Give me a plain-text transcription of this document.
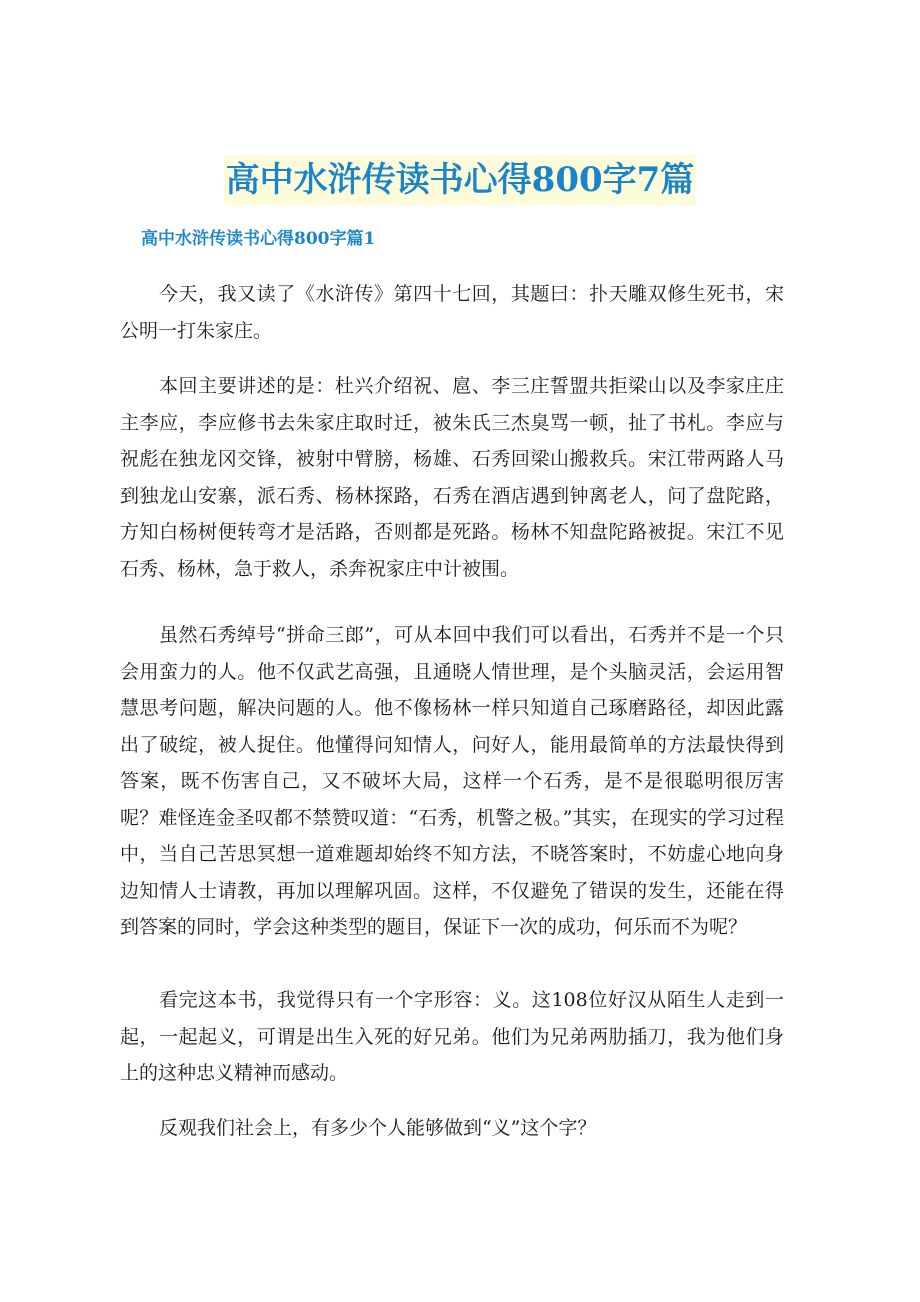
高中水浒传读书心得800字7篇
高中水浒传读书心得800字篇1

今天，我又读了《水浒传》第四十七回，其题曰：扑天雕双修生死书，宋公明一打朱家庄。

本回主要讲述的是：杜兴介绍祝、扈、李三庄誓盟共拒梁山以及李家庄庄主李应，李应修书去朱家庄取时迁，被朱氏三杰臭骂一顿，扯了书札。李应与祝彪在独龙冈交锋，被射中臂膀，杨雄、石秀回梁山搬救兵。宋江带两路人马到独龙山安寨，派石秀、杨林探路，石秀在酒店遇到钟离老人，问了盘陀路，方知白杨树便转弯才是活路，否则都是死路。杨林不知盘陀路被捉。宋江不见石秀、杨林，急于救人，杀奔祝家庄中计被围。

虽然石秀绰号“拼命三郎”，可从本回中我们可以看出，石秀并不是一个只会用蛮力的人。他不仅武艺高强，且通晓人情世理，是个头脑灵活，会运用智慧思考问题，解决问题的人。他不像杨林一样只知道自己琢磨路径，却因此露出了破绽，被人捉住。他懂得问知情人，问好人，能用最简单的方法最快得到答案，既不伤害自己，又不破坏大局，这样一个石秀，是不是很聪明很厉害呢？难怪连金圣叹都不禁赞叹道：“石秀，机警之极。”其实，在现实的学习过程中，当自己苦思冥想一道难题却始终不知方法，不晓答案时，不妨虚心地向身边知情人士请教，再加以理解巩固。这样，不仅避免了错误的发生，还能在得到答案的同时，学会这种类型的题目，保证下一次的成功，何乐而不为呢？

看完这本书，我觉得只有一个字形容：义。这108位好汉从陌生人走到一起，一起起义，可谓是出生入死的好兄弟。他们为兄弟两肋插刀，我为他们身上的这种忠义精神而感动。

反观我们社会上，有多少个人能够做到“义”这个字？
